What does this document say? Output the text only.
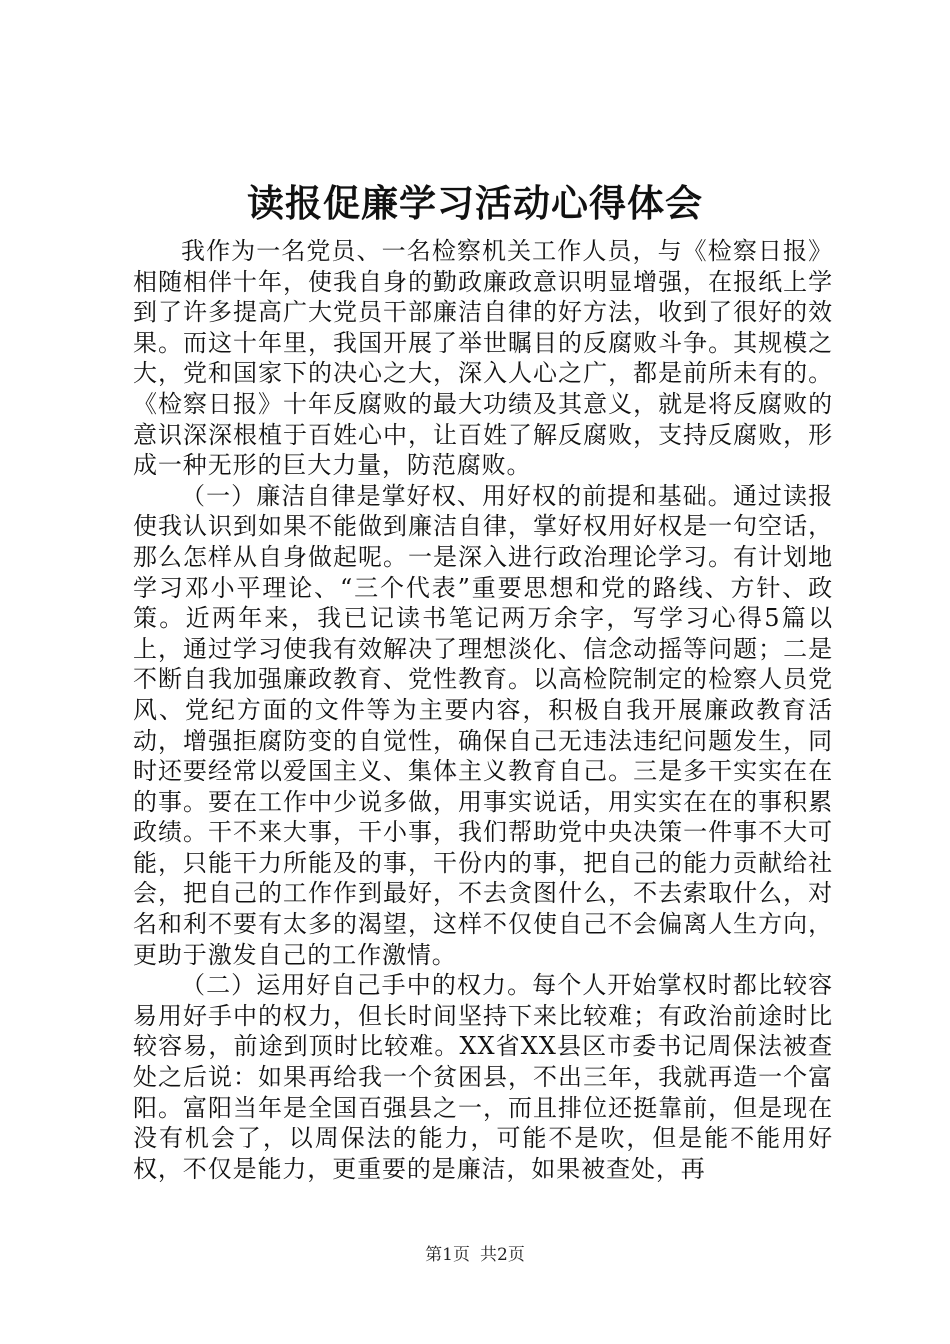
读报促廉学习活动心得体会

我作为一名党员、一名检察机关工作人员，与《检察日报》相随相伴十年，使我自身的勤政廉政意识明显增强，在报纸上学到了许多提高广大党员干部廉洁自律的好方法，收到了很好的效果。而这十年里，我国开展了举世瞩目的反腐败斗争。其规模之大，党和国家下的决心之大，深入人心之广，都是前所未有的。《检察日报》十年反腐败的最大功绩及其意义，就是将反腐败的意识深深根植于百姓心中，让百姓了解反腐败，支持反腐败，形成一种无形的巨大力量，防范腐败。

（一）廉洁自律是掌好权、用好权的前提和基础。通过读报使我认识到如果不能做到廉洁自律，掌好权用好权是一句空话，那么怎样从自身做起呢。一是深入进行政治理论学习。有计划地学习邓小平理论、“三个代表”重要思想和党的路线、方针、政策。近两年来，我已记读书笔记两万余字，写学习心得5篇以上，通过学习使我有效解决了理想淡化、信念动摇等问题；二是不断自我加强廉政教育、党性教育。以高检院制定的检察人员党风、党纪方面的文件等为主要内容，积极自我开展廉政教育活动，增强拒腐防变的自觉性，确保自己无违法违纪问题发生，同时还要经常以爱国主义、集体主义教育自己。三是多干实实在在的事。要在工作中少说多做，用事实说话，用实实在在的事积累政绩。干不来大事，干小事，我们帮助党中央决策一件事不大可能，只能干力所能及的事，干份内的事，把自己的能力贡献给社会，把自己的工作作到最好，不去贪图什么，不去索取什么，对名和利不要有太多的渴望，这样不仅使自己不会偏离人生方向，更助于激发自己的工作激情。

（二）运用好自己手中的权力。每个人开始掌权时都比较容易用好手中的权力，但长时间坚持下来比较难；有政治前途时比较容易，前途到顶时比较难。XX省XX县区市委书记周保法被查处之后说：如果再给我一个贫困县，不出三年，我就再造一个富阳。富阳当年是全国百强县之一，而且排位还挺靠前，但是现在没有机会了，以周保法的能力，可能不是吹，但是能不能用好权，不仅是能力，更重要的是廉洁，如果被查处，再

第1页 共2页
